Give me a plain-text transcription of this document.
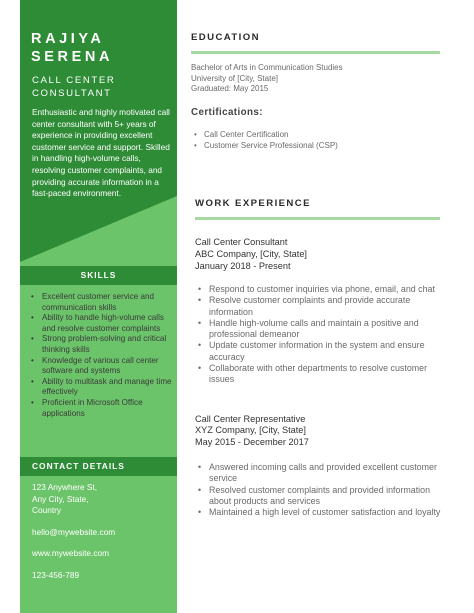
RAJIYA
SERENA

CALL CENTER

CONSULTANT

Enthusiastic and highly motivated call center consultant with 5+ years of experience in providing excellent customer service and support. Skilled in handling high-volume calls, resolving customer complaints, and providing accurate information in a fast-paced environment.

SKILLS
• Excellent customer service and communication skills
• Ability to handle high-volume calls and resolve customer complaints
• Strong problem-solving and critical thinking skills
• Knowledge of various call center software and systems
• Ability to multitask and manage time effectively
• Proficient in Microsoft Office applications
CONTACT DETAILS

123 Anywhere St,

Any City, State,

Country

hello@mywebsite.com

www.mywebsite.com

123-456-789

EDUCATION

Bachelor of Arts in Communication Studies

University of [City, State]

Graduated: May 2015

Certifications:
• Call Center Certification
• Customer Service Professional (CSP)
WORK EXPERIENCE

Call Center Consultant

ABC Company, [City, State]

January 2018 - Present

• Respond to customer inquiries via phone, email, and chat
• Resolve customer complaints and provide accurate information
• Handle high-volume calls and maintain a positive and professional demeanor
• Update customer information in the system and ensure accuracy
• Collaborate with other departments to resolve customer issues

Call Center Representative

XYZ Company, [City, State]

May 2015 - December 2017

• Answered incoming calls and provided excellent customer service
• Resolved customer complaints and provided information about products and services
• Maintained a high level of customer satisfaction and loyalty
